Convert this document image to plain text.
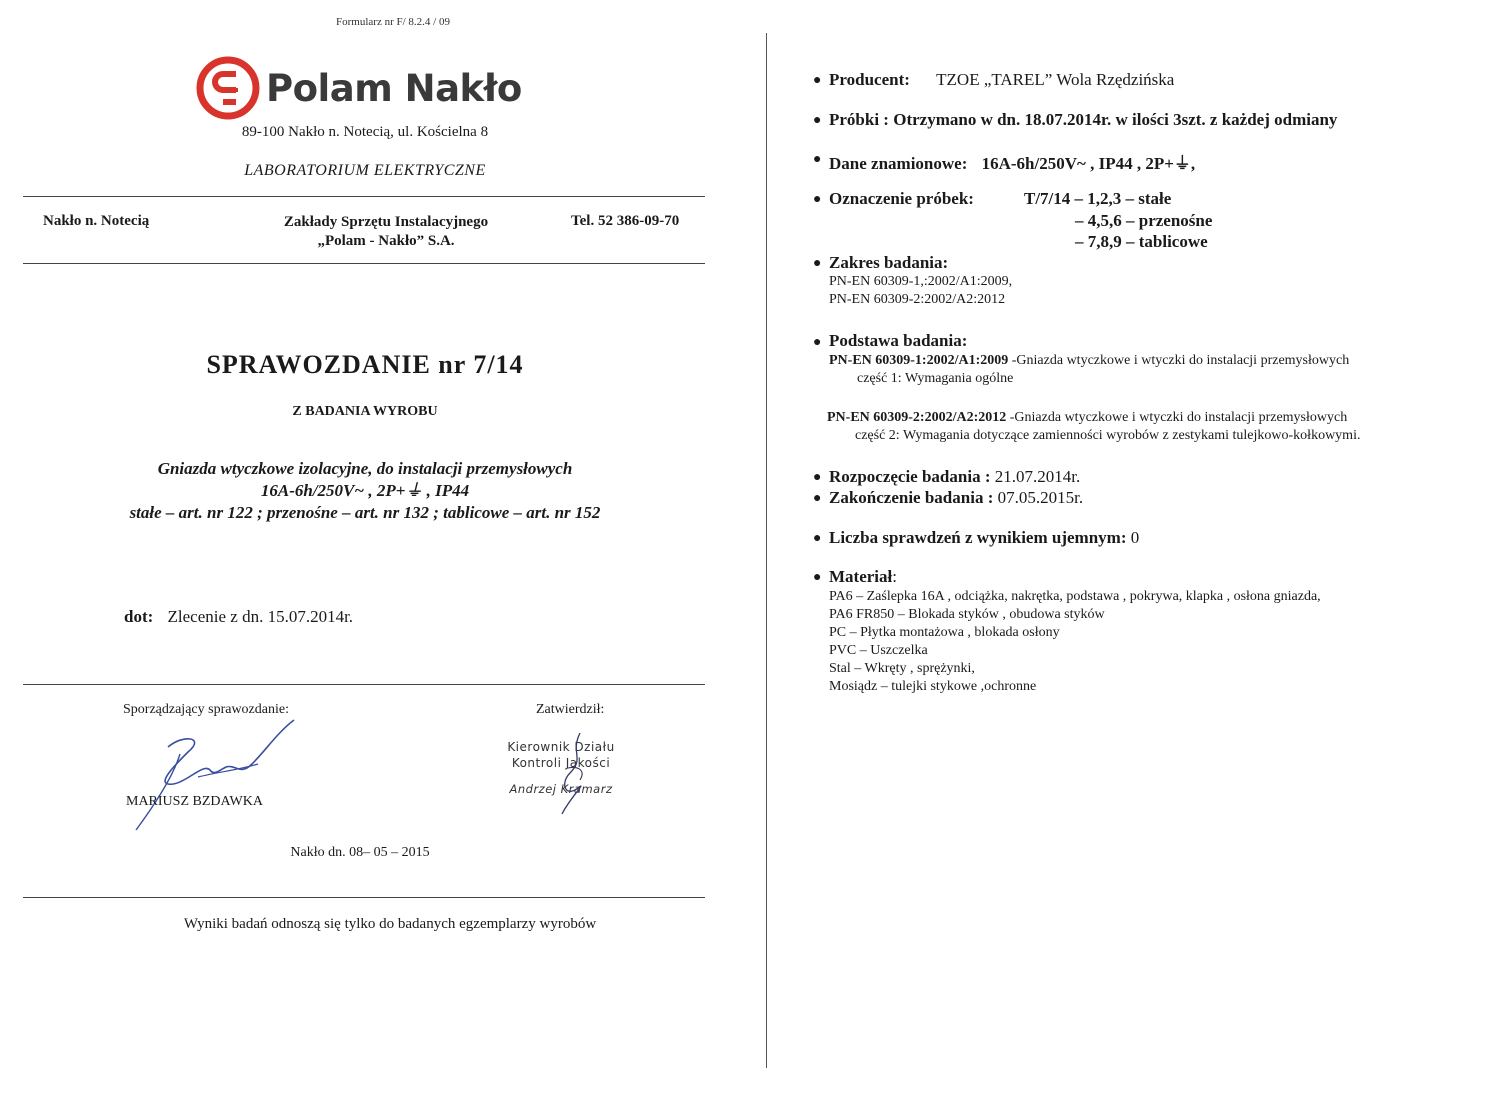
Formularz nr F/ 8.2.4 / 09
Polam Nakło
89-100 Nakło n. Notecią, ul. Kościelna 8
LABORATORIUM ELEKTRYCZNE
Nakło n. Notecią	Zakłady Sprzętu Instalacyjnego
„Polam - Nakło” S.A.
Tel. 52 386-09-70
SPRAWOZDANIE nr 7/14
Z BADANIA WYROBU
Gniazda wtyczkowe izolacyjne, do instalacji przemysłowych
16A-6h/250V~ , 2P+⏚ , IP44
stałe – art. nr 122 ; przenośne – art. nr 132 ; tablicowe – art. nr 152
dot: Zlecenie z dn. 15.07.2014r.
Sporządzający sprawozdanie:	Zatwierdził:
MARIUSZ BZDAWKA
Kierownik Działu
Kontroli Jakości
Andrzej Kramarz
Nakło dn. 08– 05 – 2015
Wyniki badań odnoszą się tylko do badanych egzemplarzy wyrobów
● Producent: TZOE „TAREL” Wola Rzędzińska
● Próbki : Otrzymano w dn. 18.07.2014r. w ilości 3szt. z każdej odmiany
● Dane znamionowe: 16A-6h/250V~ , IP44 , 2P+⏚,
● Oznaczenie próbek:	T/7/14 – 1,2,3 – stałe
– 4,5,6 – przenośne
– 7,8,9 – tablicowe
● Zakres badania:
PN-EN 60309-1,:2002/A1:2009,
PN-EN 60309-2:2002/A2:2012
● Podstawa badania:
PN-EN 60309-1:2002/A1:2009 -Gniazda wtyczkowe i wtyczki do instalacji przemysłowych
część 1: Wymagania ogólne
PN-EN 60309-2:2002/A2:2012 -Gniazda wtyczkowe i wtyczki do instalacji przemysłowych
część 2: Wymagania dotyczące zamienności wyrobów z zestykami tulejkowo-kołkowymi.
● Rozpoczęcie badania : 21.07.2014r.
● Zakończenie badania : 07.05.2015r.
● Liczba sprawdzeń z wynikiem ujemnym: 0
● Materiał:
PA6 – Zaślepka 16A , odciążka, nakrętka, podstawa , pokrywa, klapka , osłona gniazda,
PA6 FR850 – Blokada styków , obudowa styków
PC – Płytka montażowa , blokada osłony
PVC – Uszczelka
Stal – Wkręty , sprężynki,
Mosiądz – tulejki stykowe ,ochronne
